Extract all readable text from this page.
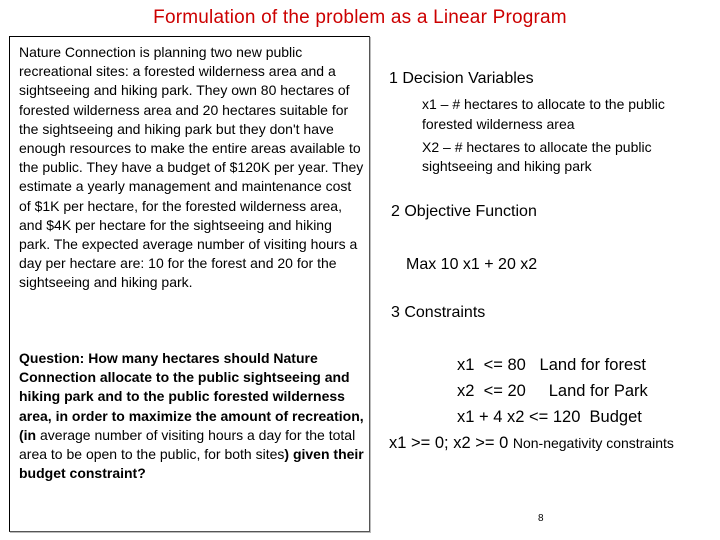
Formulation of the problem as a Linear Program

Nature Connection is planning two new public recreational sites: a forested wilderness area and a sightseeing and hiking park. They own 80 hectares of forested wilderness area and 20 hectares suitable for the sightseeing and hiking park but they don't have enough resources to make the entire areas available to the public. They have a budget of $120K per year. They estimate a yearly management and maintenance cost of $1K per hectare, for the forested wilderness area, and $4K per hectare for the sightseeing and hiking park. The expected average number of visiting hours a day per hectare are: 10 for the forest and 20 for the sightseeing and hiking park.

Question: How many hectares should Nature Connection allocate to the public sightseeing and hiking park and to the public forested wilderness area, in order to maximize the amount of recreation, (in average number of visiting hours a day for the total area to be open to the public, for both sites) given their budget constraint?

1 Decision Variables
x1 – # hectares to allocate to the public
forested wilderness area
X2 – # hectares to allocate the public
sightseeing and hiking park
2 Objective Function
Max 10 x1 + 20 x2
3 Constraints
x1  <= 80   Land for forest
x2  <= 20     Land for Park
x1 + 4 x2 <= 120  Budget
x1 >= 0; x2 >= 0 Non-negativity constraints
8
